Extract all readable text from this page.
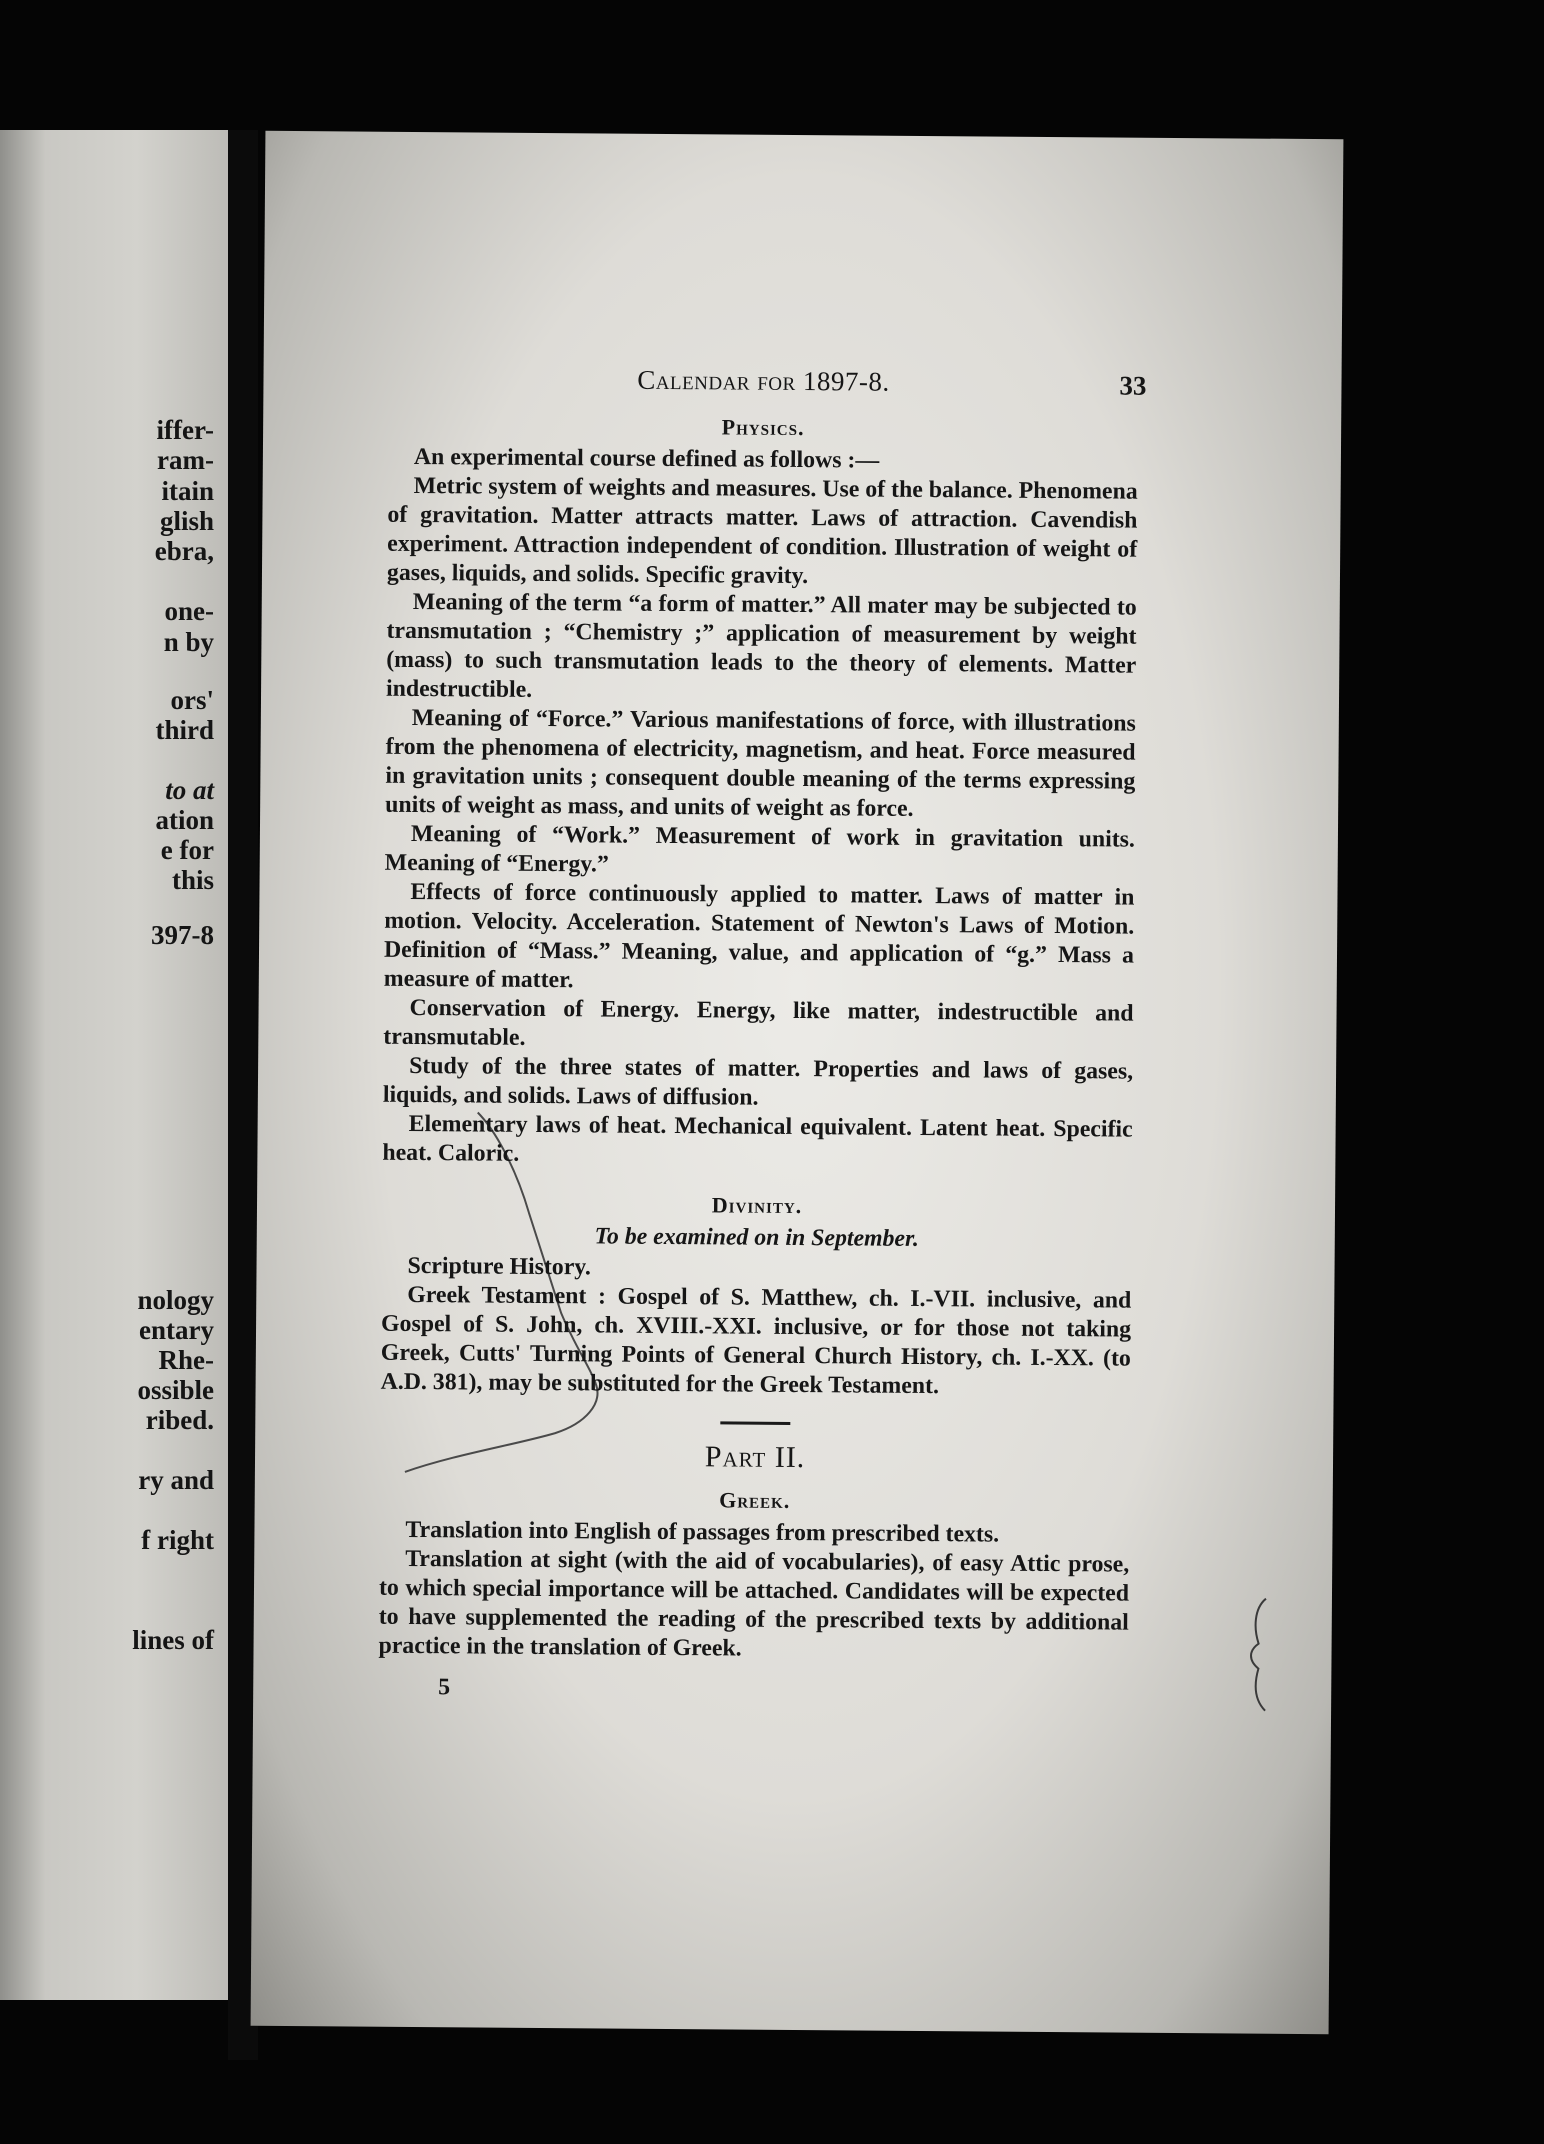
iffer-
ram-
itain
glish
ebra,
one-
n by
ors'
third
to at
ation
e for
this
397-8
nology
entary
Rhe-
ossible
ribed.
ry and
f right
lines of
Calendar for 1897-8.	33
Physics.

An experimental course defined as follows :—

Metric system of weights and measures. Use of the balance. Phenomena of gravitation. Matter attracts matter. Laws of attraction. Cavendish experiment. Attraction independent of condition. Illustration of weight of gases, liquids, and solids. Specific gravity.

Meaning of the term “a form of matter.” All mater may be subjected to transmutation ; “Chemistry ;” application of measurement by weight (mass) to such transmutation leads to the theory of elements. Matter indestructible.

Meaning of “Force.” Various manifestations of force, with illustrations from the phenomena of electricity, magnetism, and heat. Force measured in gravitation units ; consequent double meaning of the terms expressing units of weight as mass, and units of weight as force.

Meaning of “Work.” Measurement of work in gravitation units. Meaning of “Energy.”

Effects of force continuously applied to matter. Laws of matter in motion. Velocity. Acceleration. Statement of Newton's Laws of Motion. Definition of “Mass.” Meaning, value, and application of “g.” Mass a measure of matter.

Conservation of Energy. Energy, like matter, indestructible and transmutable.

Study of the three states of matter. Properties and laws of gases, liquids, and solids. Laws of diffusion.

Elementary laws of heat. Mechanical equivalent. Latent heat. Specific heat. Caloric.

Divinity.
To be examined on in September.

Scripture History.

Greek Testament : Gospel of S. Matthew, ch. I.-VII. inclusive, and Gospel of S. John, ch. XVIII.-XXI. inclusive, or for those not taking Greek, Cutts' Turning Points of General Church History, ch. I.-XX. (to A.D. 381), may be substituted for the Greek Testament.

Part II.
Greek.

Translation into English of passages from prescribed texts.

Translation at sight (with the aid of vocabularies), of easy Attic prose, to which special importance will be attached. Candidates will be expected to have supplemented the reading of the prescribed texts by additional practice in the translation of Greek.

5
